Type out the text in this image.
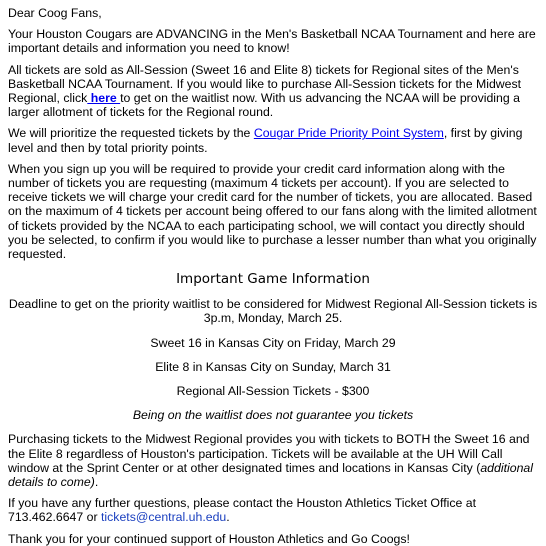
Dear Coog Fans,

Your Houston Cougars are ADVANCING in the Men's Basketball NCAA Tournament and here are important details and information you need to know!

All tickets are sold as All-Session (Sweet 16 and Elite 8) tickets for Regional sites of the Men's Basketball NCAA Tournament. If you would like to purchase All-Session tickets for the Midwest Regional, click here to get on the waitlist now. With us advancing the NCAA will be providing a larger allotment of tickets for the Regional round.

We will prioritize the requested tickets by the Cougar Pride Priority Point System, first by giving level and then by total priority points.

When you sign up you will be required to provide your credit card information along with the number of tickets you are requesting (maximum 4 tickets per account). If you are selected to receive tickets we will charge your credit card for the number of tickets, you are allocated. Based on the maximum of 4 tickets per account being offered to our fans along with the limited allotment of tickets provided by the NCAA to each participating school, we will contact you directly should you be selected, to confirm if you would like to purchase a lesser number than what you originally requested.

Important Game Information

Deadline to get on the priority waitlist to be considered for Midwest Regional All-Session tickets is 3p.m, Monday, March 25.

Sweet 16 in Kansas City on Friday, March 29

Elite 8 in Kansas City on Sunday, March 31

Regional All-Session Tickets - $300

Being on the waitlist does not guarantee you tickets

Purchasing tickets to the Midwest Regional provides you with tickets to BOTH the Sweet 16 and the Elite 8 regardless of Houston's participation. Tickets will be available at the UH Will Call window at the Sprint Center or at other designated times and locations in Kansas City (additional details to come).

If you have any further questions, please contact the Houston Athletics Ticket Office at 713.462.6647 or tickets@central.uh.edu.

Thank you for your continued support of Houston Athletics and Go Coogs!
